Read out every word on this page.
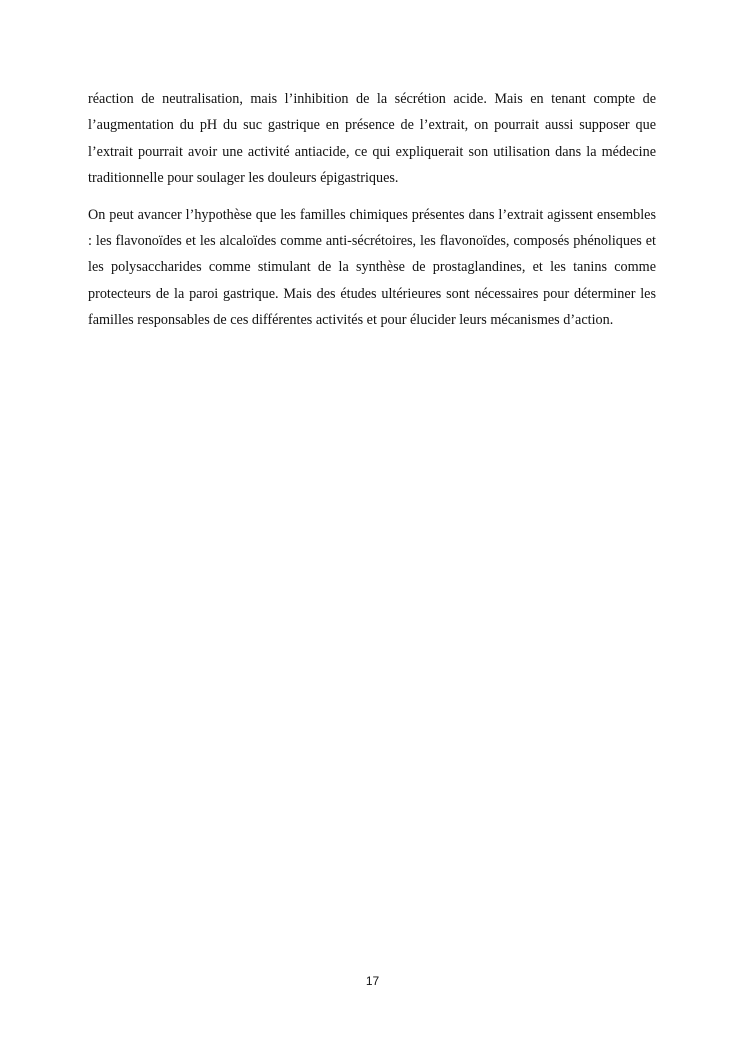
réaction de neutralisation, mais l’inhibition de la sécrétion acide. Mais en tenant compte de l’augmentation du pH du suc gastrique en présence de l’extrait, on pourrait aussi supposer que l’extrait pourrait avoir une activité antiacide, ce qui expliquerait son utilisation dans la médecine traditionnelle pour soulager les douleurs épigastriques.

On peut avancer l’hypothèse que les familles chimiques présentes dans l’extrait agissent ensembles : les flavonoïdes et les alcaloïdes comme anti-sécrétoires, les flavonoïdes, composés phénoliques et les polysaccharides comme stimulant de la synthèse de prostaglandines, et les tanins comme protecteurs de la paroi gastrique. Mais des études ultérieures sont nécessaires pour déterminer les familles responsables de ces différentes activités et pour élucider leurs mécanismes d’action.

17
